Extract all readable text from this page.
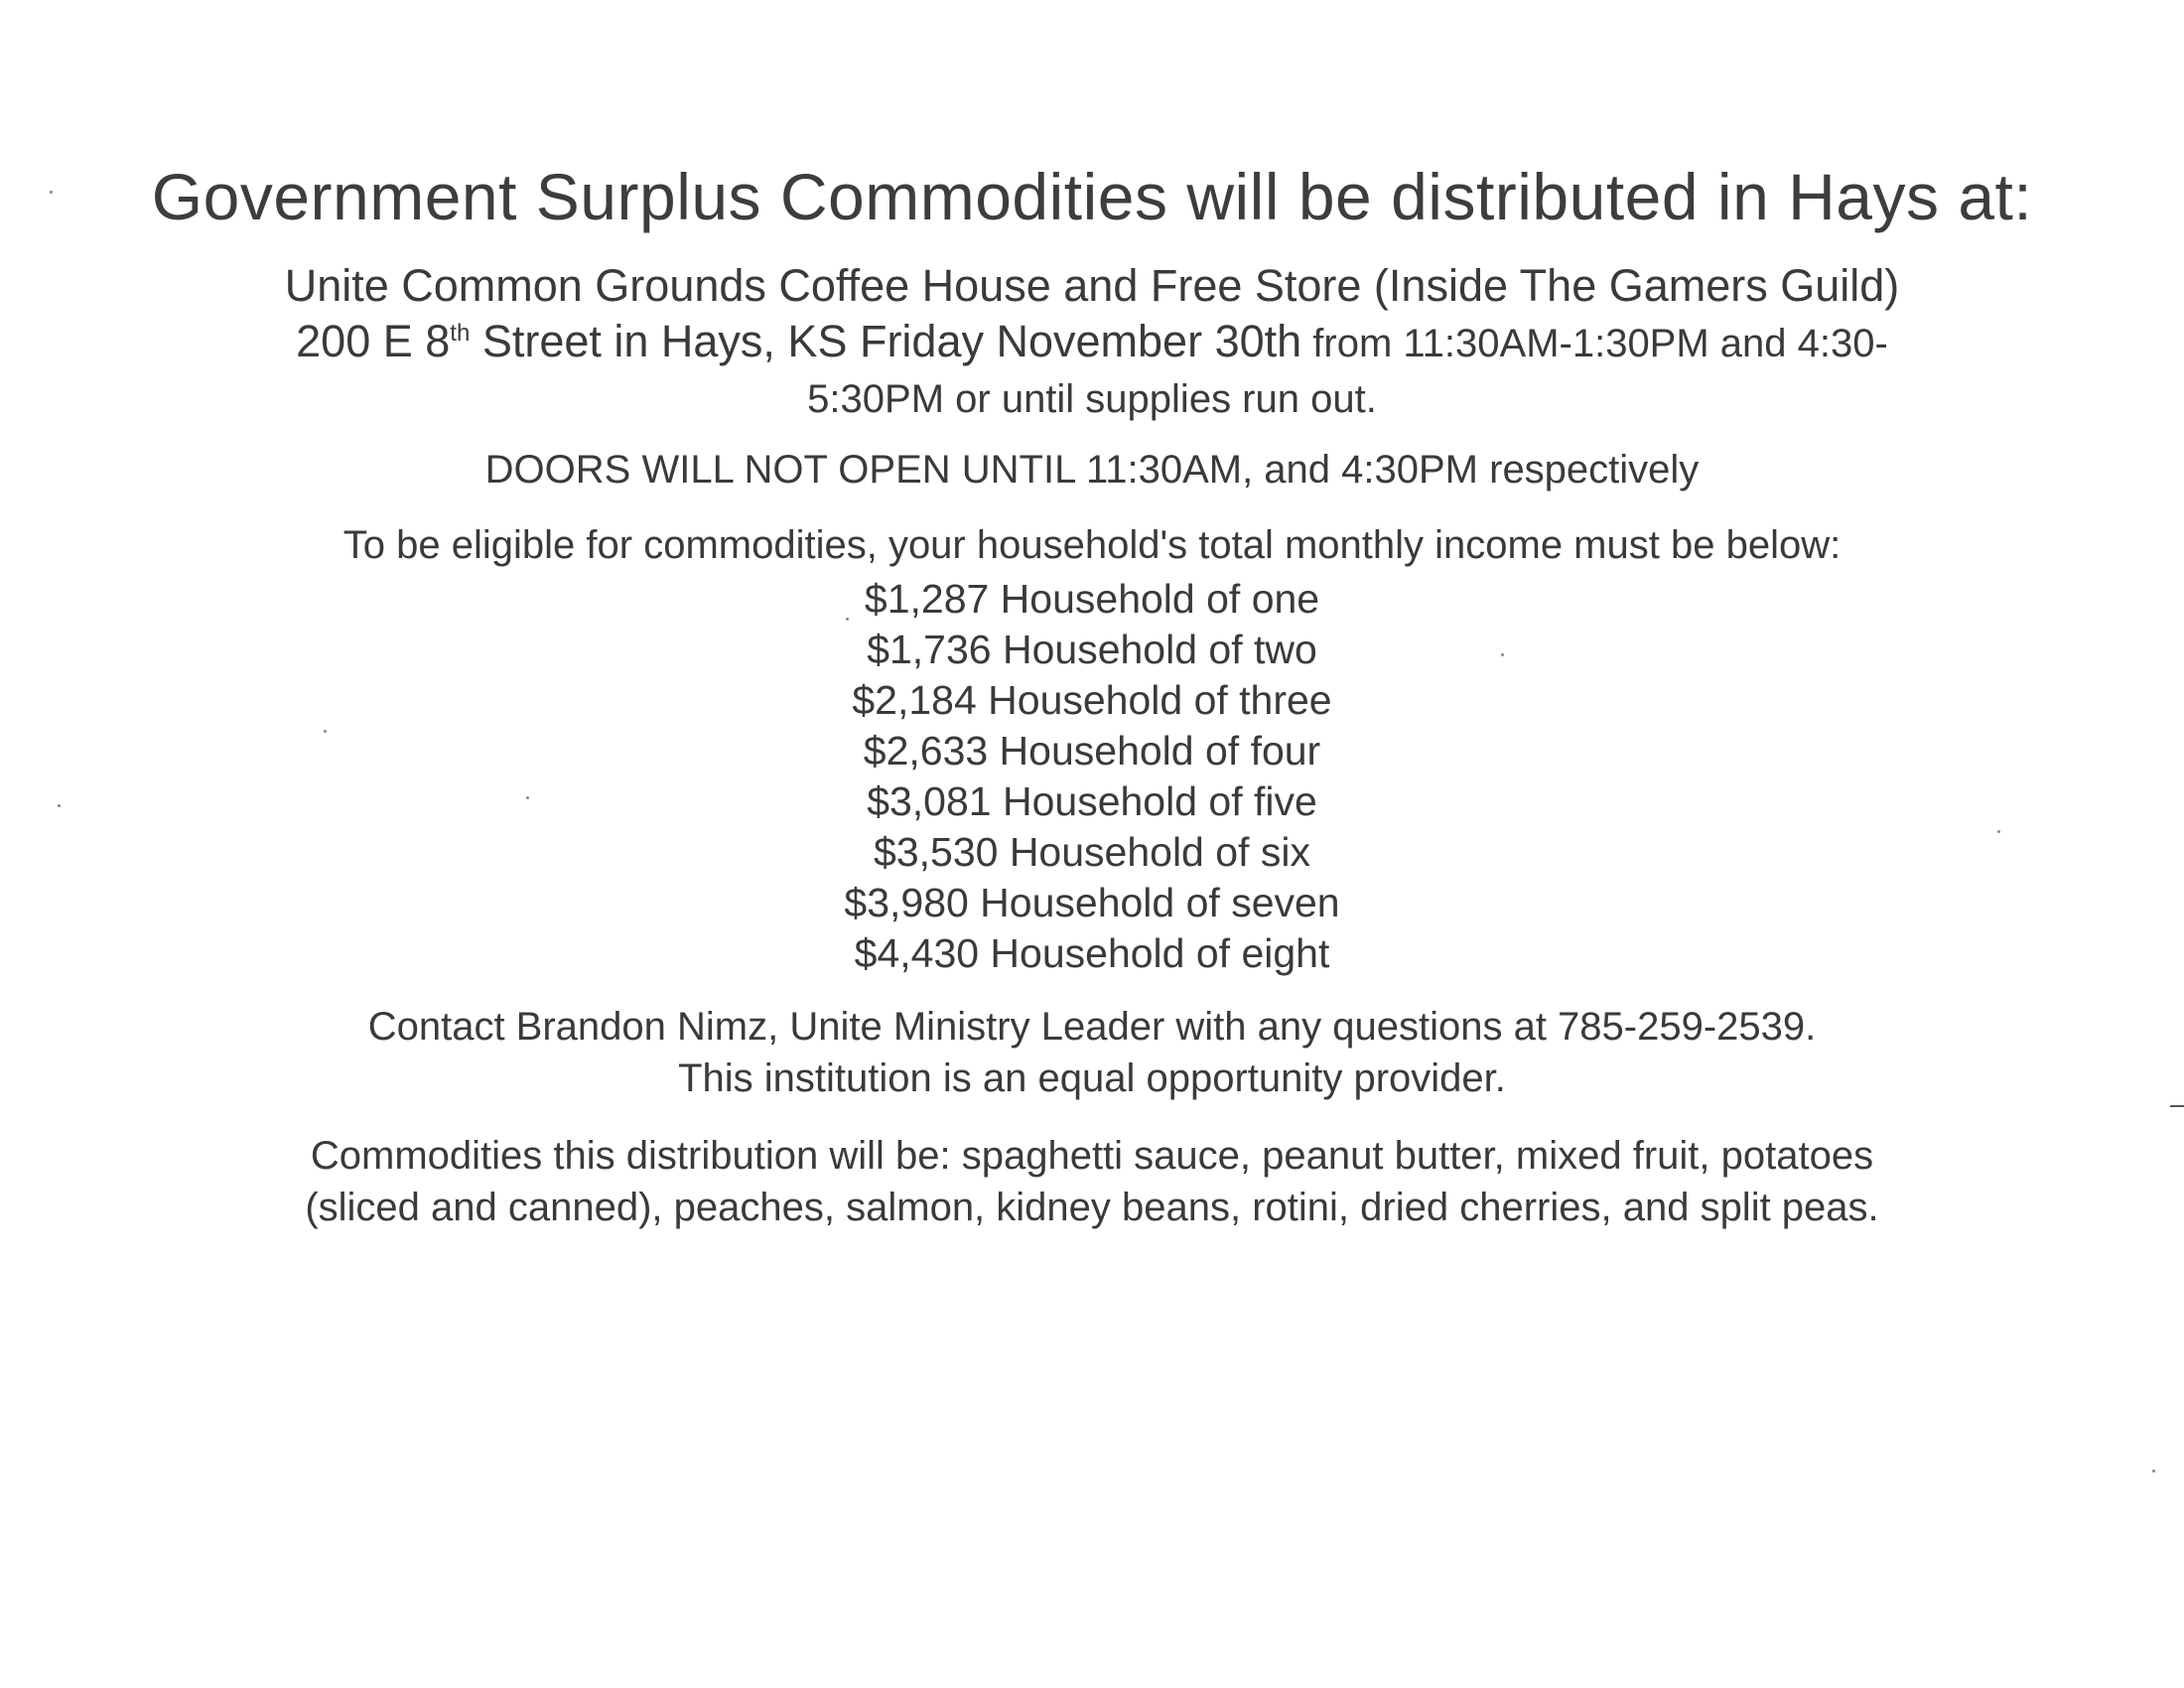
Government Surplus Commodities will be distributed in Hays at:
Unite Common Grounds Coffee House and Free Store (Inside The Gamers Guild)
200 E 8th Street in Hays, KS Friday November 30th from 11:30AM-1:30PM and 4:30-
5:30PM or until supplies run out.
DOORS WILL NOT OPEN UNTIL 11:30AM, and 4:30PM respectively
To be eligible for commodities, your household's total monthly income must be below:
$1,287 Household of one
$1,736 Household of two
$2,184 Household of three
$2,633 Household of four
$3,081 Household of five
$3,530 Household of six
$3,980 Household of seven
$4,430 Household of eight
Contact Brandon Nimz, Unite Ministry Leader with any questions at 785-259-2539.
This institution is an equal opportunity provider.
Commodities this distribution will be: spaghetti sauce, peanut butter, mixed fruit, potatoes
(sliced and canned), peaches, salmon, kidney beans, rotini, dried cherries, and split peas.
